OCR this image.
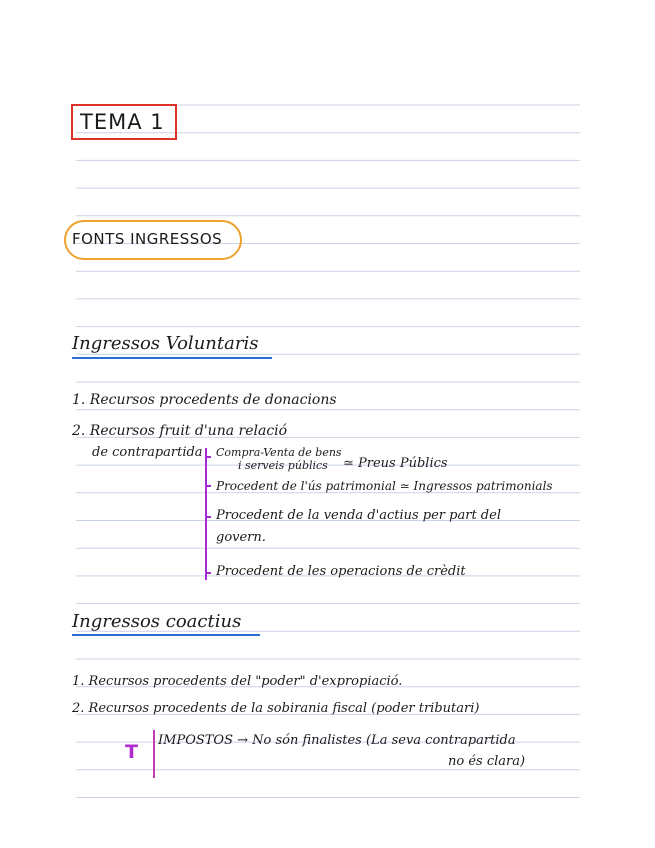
TEMA 1
FONTS INGRESSOS
Ingressos Voluntaris
1. Recursos procedents de donacions
2. Recursos fruit d'una relació
de contrapartida Compra-Venta de bens
i serveis públics ≃ Preus Públics
Procedent de l'ús patrimonial ≃ Ingressos patrimonials
Procedent de la venda d'actius per part del
govern.
Procedent de les operacions de crèdit
Ingressos coactius
1. Recursos procedents del "poder" d'expropiació.
2. Recursos procedents de la sobirania fiscal (poder tributari)
T
IMPOSTOS → No són finalistes (La seva contrapartida
no és clara)
